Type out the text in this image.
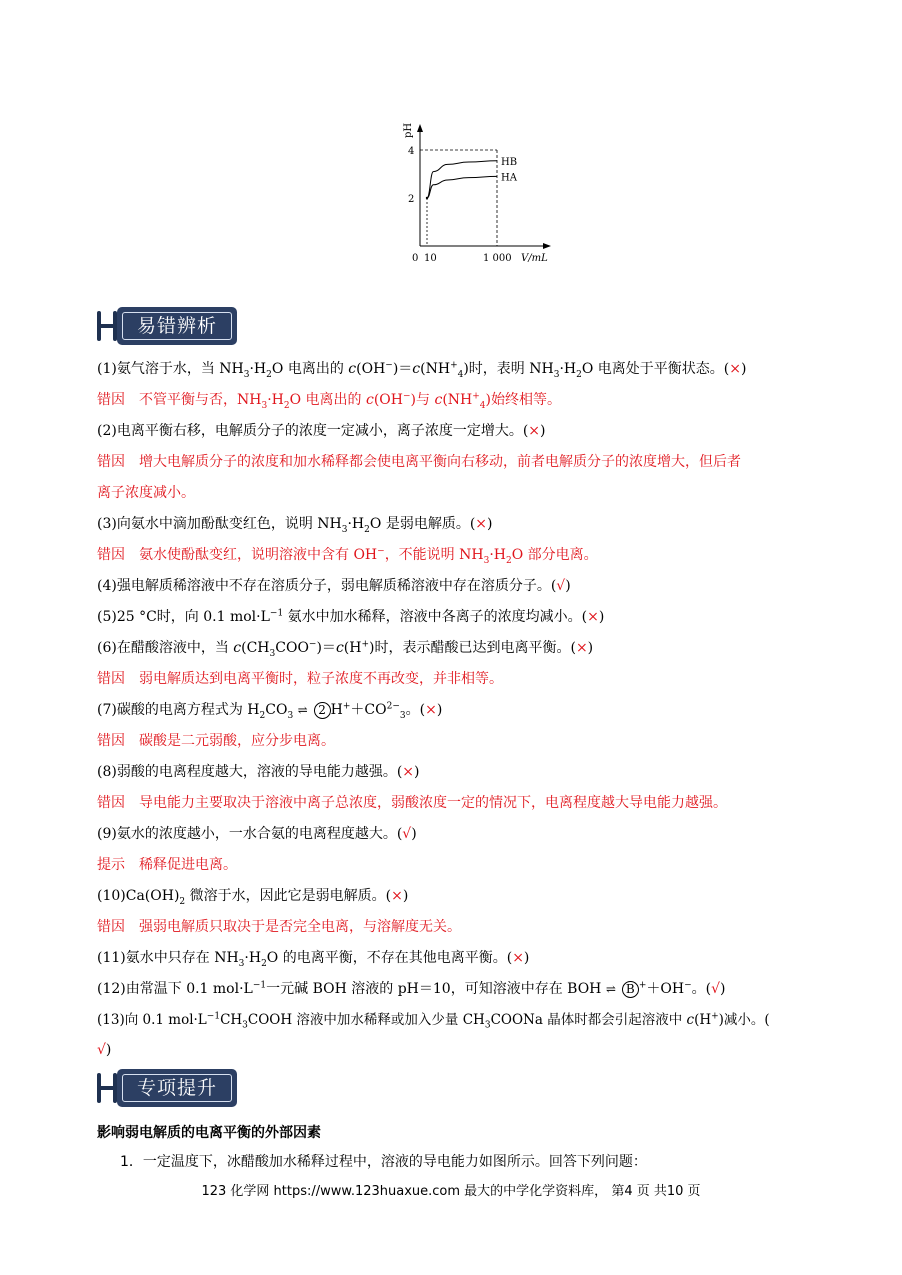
pH
V/mL
2
4
0 10	1 000
HB
HA
易错辨析
(1)氨气溶于水，当 $NH_3\cdot H_2O$ 电离出的 $c(OH^-)=c(NH^+_4)$时，表明 $NH_3\cdot H_2O$ 电离处于平衡状态。(×)
错因 不管平衡与否，$NH_3\cdot H_2O$ 电离出的 c(OH−)与 $c(NH^+_4)$始终相等。
(2)电离平衡右移，电解质分子的浓度一定减小，离子浓度一定增大。(×)
错因 增大电解质分子的浓度和加水稀释都会使电离平衡向右移动，前者电解质分子的浓度增大，但后者
离子浓度减小。
(3)向氨水中滴加酚酞变红色，说明 $NH_3\cdot H_2O$ 是弱电解质。(×)
错因 氨水使酚酞变红，说明溶液中含有 OH−，不能说明 $NH_3\cdot H_2O$ 部分电离。
(4)强电解质稀溶液中不存在溶质分子，弱电解质稀溶液中存在溶质分子。(√)
(5)25 °C时，向 0.1 $mol\cdot L^{-1}$ 氨水中加水稀释，溶液中各离子的浓度均减小。(×)
(6)在醋酸溶液中，当 $c(CH_3COO^-)=c(H^+)$时，表示醋酸已达到电离平衡。(×)
错因 弱电解质达到电离平衡时，粒子浓度不再改变，并非相等。
(7)碳酸的电离方程式为 $H_2CO_3$ ⇌ 2 $H^++CO^{2-}_3$。(×)
错因 碳酸是二元弱酸，应分步电离。
(8)弱酸的电离程度越大，溶液的导电能力越强。(×)
错因 导电能力主要取决于溶液中离子总浓度，弱酸浓度一定的情况下，电离程度越大导电能力越强。
(9)氨水的浓度越小，一水合氨的电离程度越大。(√)
提示 稀释促进电离。
$(10)Ca(OH)_2$ 微溶于水，因此它是弱电解质。(×)
错因 强弱电解质只取决于是否完全电离，与溶解度无关。
(11)氨水中只存在 $NH_3\cdot H_2O$ 的电离平衡，不存在其他电离平衡。(×)
(12)由常温下 0.1 $mol\cdot L^{-1}$一元碱 BOH 溶液的 pH＝10，可知溶液中存在 BOH ⇌ B +＋OH−。(√)
(13)向 0.1 $mol\cdot L^{-1}CH_3COOH$ 溶液中加水稀释或加入少量 $CH_3COONa$ 晶体时都会引起溶液中 c(H+)减小。(
√)
专项提升
影响弱电解质的电离平衡的外部因素
1．一定温度下，冰醋酸加水稀释过程中，溶液的导电能力如图所示。回答下列问题：
123 化学网 https://www.123huaxue.com 最大的中学化学资料库， 第4 页 共10 页
